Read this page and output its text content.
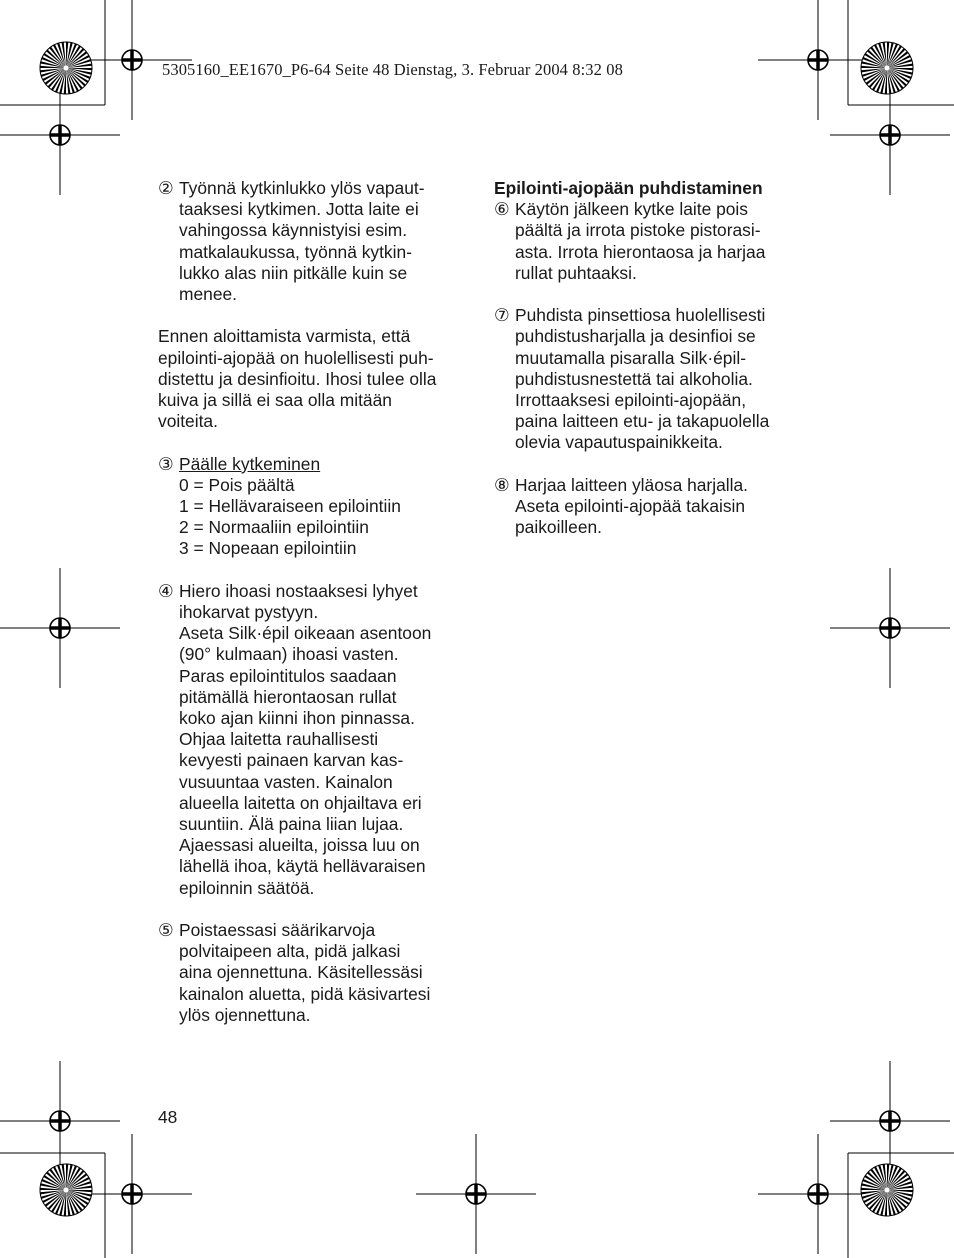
5305160_EE1670_P6-64 Seite 48 Dienstag, 3. Februar 2004 8:32 08
② Työnnä kytkinlukko ylös vapaut-
taaksesi kytkimen. Jotta laite ei
vahingossa käynnistyisi esim.
matkalaukussa, työnnä kytkin-
lukko alas niin pitkälle kuin se
menee.
Ennen aloittamista varmista, että
epilointi-ajopää on huolellisesti puh-
distettu ja desinfioitu. Ihosi tulee olla
kuiva ja sillä ei saa olla mitään
voiteita.
③ Päälle kytkeminen
0 = Pois päältä
1 = Hellävaraiseen epilointiin
2 = Normaaliin epilointiin
3 = Nopeaan epilointiin
④ Hiero ihoasi nostaaksesi lyhyet
ihokarvat pystyyn.
Aseta Silk·épil oikeaan asentoon
(90° kulmaan) ihoasi vasten.
Paras epilointitulos saadaan
pitämällä hierontaosan rullat
koko ajan kiinni ihon pinnassa.
Ohjaa laitetta rauhallisesti
kevyesti painaen karvan kas-
vusuuntaa vasten. Kainalon
alueella laitetta on ohjailtava eri
suuntiin. Älä paina liian lujaa.
Ajaessasi alueilta, joissa luu on
lähellä ihoa, käytä hellävaraisen
epiloinnin säätöä.
⑤ Poistaessasi säärikarvoja
polvitaipeen alta, pidä jalkasi
aina ojennettuna. Käsitellessäsi
kainalon aluetta, pidä käsivartesi
ylös ojennettuna.
Epilointi-ajopään puhdistaminen
⑥ Käytön jälkeen kytke laite pois
päältä ja irrota pistoke pistorasi-
asta. Irrota hierontaosa ja harjaa
rullat puhtaaksi.
⑦ Puhdista pinsettiosa huolellisesti
puhdistusharjalla ja desinfioi se
muutamalla pisaralla Silk·épil-
puhdistusnestettä tai alkoholia.
Irrottaaksesi epilointi-ajopään,
paina laitteen etu- ja takapuolella
olevia vapautuspainikkeita.
⑧ Harjaa laitteen yläosa harjalla.
Aseta epilointi-ajopää takaisin
paikoilleen.
48
